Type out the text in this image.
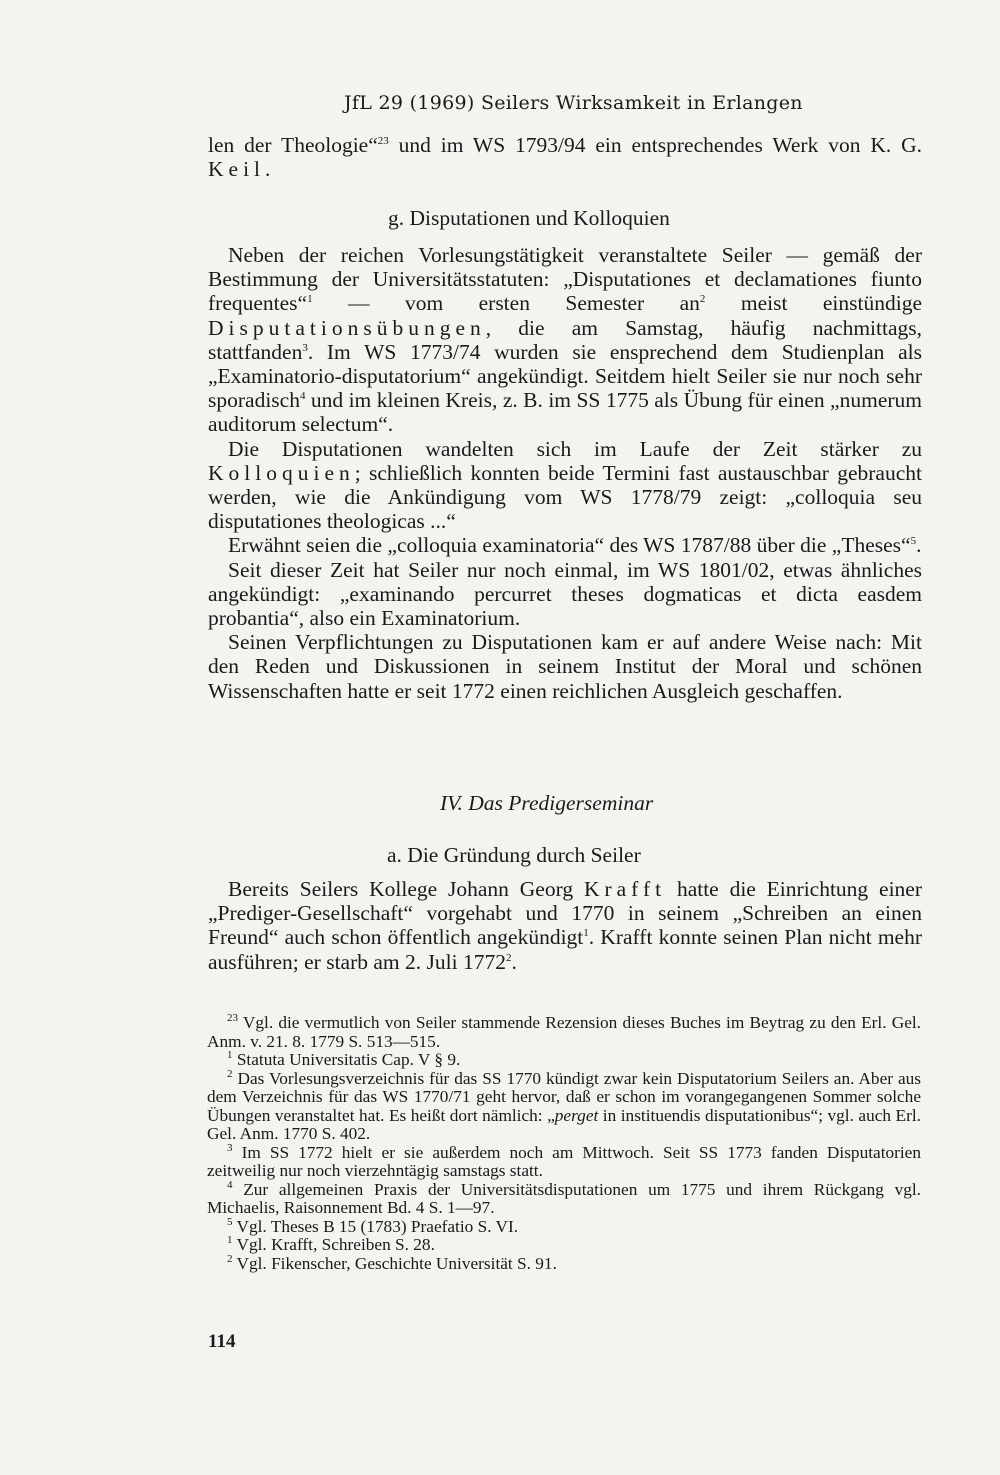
JfL 29 (1969) Seilers Wirksamkeit in Erlangen

len der Theologie“$^{23}$ und im WS 1793/94 ein entsprechendes Werk von K. G. Keil.

g. Disputationen und Kolloquien

Neben der reichen Vorlesungstätigkeit veranstaltete Seiler — gemäß der Bestimmung der Universitätsstatuten: „Disputationes et declamationes fiunto frequentes“$^1$ — vom ersten Semester $an^2$ meist einstündige Disputationsübungen, die am Samstag, häufig nachmittags, stattfanden$^3$. Im WS 1773/74 wurden sie ensprechend dem Studienplan als „Examinatorio-disputatorium“ angekündigt. Seitdem hielt Seiler sie nur noch sehr sporadisch$^4$ und im kleinen Kreis, z. B. im SS 1775 als Übung für einen „numerum auditorum selectum“.

Die Disputationen wandelten sich im Laufe der Zeit stärker zu Kolloquien; schließlich konnten beide Termini fast austauschbar gebraucht werden, wie die Ankündigung vom WS 1778/79 zeigt: „colloquia seu disputationes theologicas ...“

Erwähnt seien die „colloquia examinatoria“ des WS 1787/88 über die „Theses“$^5$.

Seit dieser Zeit hat Seiler nur noch einmal, im WS 1801/02, etwas ähnliches angekündigt: „examinando percurret theses dogmaticas et dicta easdem probantia“, also ein Examinatorium.

Seinen Verpflichtungen zu Disputationen kam er auf andere Weise nach: Mit den Reden und Diskussionen in seinem Institut der Moral und schönen Wissenschaften hatte er seit 1772 einen reichlichen Ausgleich geschaffen.

IV. Das Predigerseminar
a. Die Gründung durch Seiler

Bereits Seilers Kollege Johann Georg Krafft hatte die Einrichtung einer „Prediger-Gesellschaft“ vorgehabt und 1770 in seinem „Schreiben an einen Freund“ auch schon öffentlich angekündigt$^1$. Krafft konnte seinen Plan nicht mehr ausführen; er starb am 2. Juli 1772$^2$.

$^{23}$ Vgl. die vermutlich von Seiler stammende Rezension dieses Buches im Beytrag zu den Erl. Gel. Anm. v. 21. 8. 1779 S. 513—515.

$^1$ Statuta Universitatis Cap. V § 9.

$^2$ Das Vorlesungsverzeichnis für das SS 1770 kündigt zwar kein Disputatorium Seilers an. Aber aus dem Verzeichnis für das WS 1770/71 geht hervor, daß er schon im vorangegangenen Sommer solche Übungen veranstaltet hat. Es heißt dort nämlich: „perget in instituendis disputationibus“; vgl. auch Erl. Gel. Anm. 1770 S. 402.

$^3$ Im SS 1772 hielt er sie außerdem noch am Mittwoch. Seit SS 1773 fanden Disputatorien zeitweilig nur noch vierzehntägig samstags statt.

$^4$ Zur allgemeinen Praxis der Universitätsdisputationen um 1775 und ihrem Rückgang vgl. Michaelis, Raisonnement Bd. 4 S. 1—97.

$^5$ Vgl. Theses B 15 (1783) Praefatio S. VI.

$^1$ Vgl. Krafft, Schreiben S. 28.

$^2$ Vgl. Fikenscher, Geschichte Universität S. 91.

114
